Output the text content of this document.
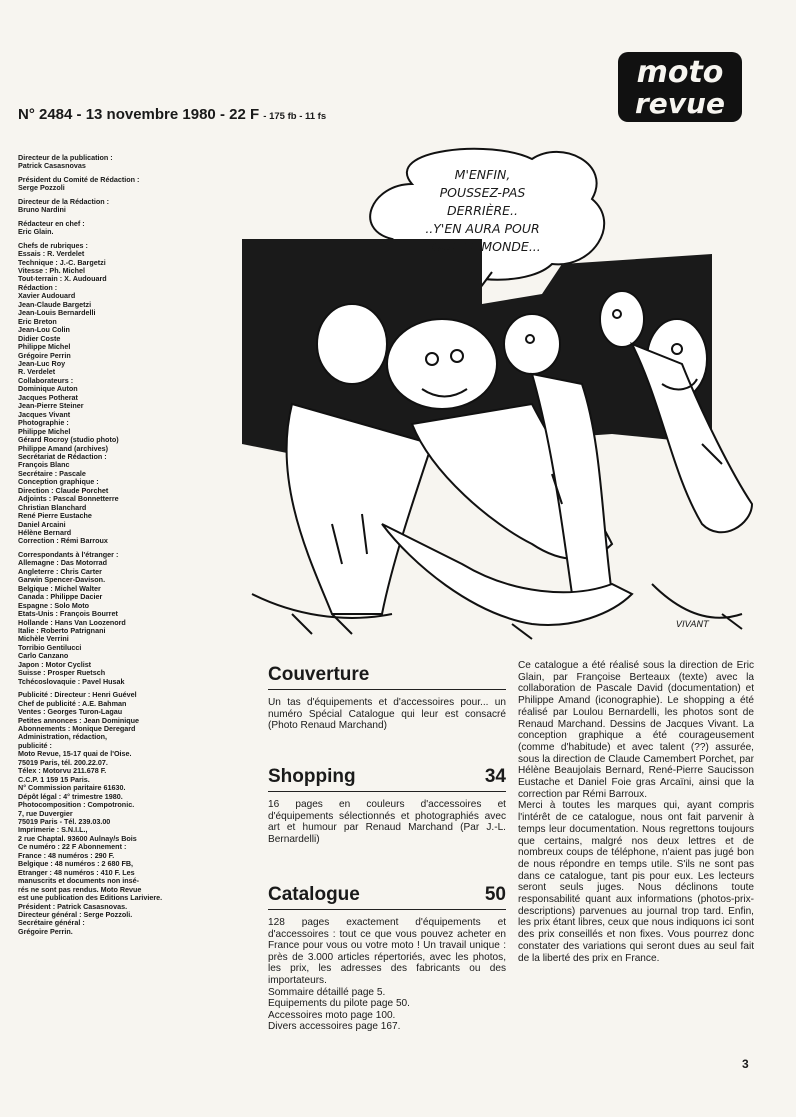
moto
revue
N° 2484 - 13 novembre 1980 - 22 F - 175 fb - 11 fs
Directeur de la publication :
Patrick Casasnovas
Président du Comité de Rédaction :
Serge Pozzoli
Directeur de la Rédaction :
Bruno Nardini
Rédacteur en chef :
Eric Glain.
Chefs de rubriques :
Essais : R. Verdelet
Technique : J.-C. Bargetzi
Vitesse : Ph. Michel
Tout-terrain : X. Audouard
Rédaction :
Xavier Audouard
Jean-Claude Bargetzi
Jean-Louis Bernardelli
Eric Breton
Jean-Lou Colin
Didier Coste
Philippe Michel
Grégoire Perrin
Jean-Luc Roy
R. Verdelet
Collaborateurs :
Dominique Auton
Jacques Potherat
Jean-Pierre Steiner
Jacques Vivant
Photographie :
Philippe Michel
Gérard Rocroy (studio photo)
Philippe Amand (archives)
Secrétariat de Rédaction :
François Blanc
Secrétaire : Pascale
Conception graphique :
Direction : Claude Porchet
Adjoints : Pascal Bonnetterre
Christian Blanchard
René Pierre Eustache
Daniel Arcaini
Hélène Bernard
Correction : Rémi Barroux
Correspondants à l'étranger :
Allemagne : Das Motorrad
Angleterre : Chris Carter
Garwin Spencer-Davison.
Belgique : Michel Walter
Canada : Philippe Dacier
Espagne : Solo Moto
Etats-Unis : François Bourret
Hollande : Hans Van Loozenord
Italie : Roberto Patrignani
Michèle Verrini
Torribio Gentilucci
Carlo Canzano
Japon : Motor Cyclist
Suisse : Prosper Ruetsch
Tchécoslovaquie : Pavel Husak
Publicité : Directeur : Henri Guével
Chef de publicité : A.E. Bahman
Ventes : Georges Turon-Lagau
Petites annonces : Jean Dominique
Abonnements : Monique Deregard
Administration, rédaction,
publicité :
Moto Revue, 15-17 quai de l'Oise.
75019 Paris, tél. 200.22.07.
Télex : Motorvu 211.678 F.
C.C.P. 1 159 15 Paris.
N° Commission paritaire 61630.
Dépôt légal : 4° trimestre 1980.
Photocomposition : Compotronic.
7, rue Duvergier
75019 Paris - Tél. 239.03.00
Imprimerie : S.N.I.L.,
2 rue Chaptal. 93600 Aulnay/s Bois
Ce numéro : 22 F Abonnement :
France : 48 numéros : 290 F.
Belgique : 48 numéros : 2 680 FB,
Etranger : 48 numéros : 410 F. Les
manuscrits et documents non insé-
rés ne sont pas rendus. Moto Revue
est une publication des Editions Lariviere.
Président : Patrick Casasnovas.
Directeur général : Serge Pozzoli.
Secrétaire général :
Grégoire Perrin.
M'ENFIN,
POUSSEZ-PAS
DERRIÈRE..
..Y'EN AURA POUR
TOUT LE MONDE...
VIVANT
Couverture

Un tas d'équipements et d'accessoires pour... un numéro Spécial Catalogue qui leur est consacré (Photo Renaud Marchand)

Shopping	34

16 pages en couleurs d'accessoires et d'équipements sélectionnés et photographiés avec art et humour par Renaud Marchand (Par J.-L. Bernardelli)

Catalogue	50

128 pages exactement d'équipements et d'accessoires : tout ce que vous pouvez acheter en France pour vous ou votre moto ! Un travail unique : près de 3.000 articles répertoriés, avec les photos, les prix, les adresses des fabricants ou des importateurs.

Sommaire détaillé page 5.
Equipements du pilote page 50.
Accessoires moto page 100.
Divers accessoires page 167.

Ce catalogue a été réalisé sous la direction de Eric Glain, par Françoise Berteaux (texte) avec la collaboration de Pascale David (documentation) et Philippe Amand (iconographie). Le shopping a été réalisé par Loulou Bernardelli, les photos sont de Renaud Marchand. Dessins de Jacques Vivant. La conception graphique a été courageusement (comme d'habitude) et avec talent (??) assurée, sous la direction de Claude Camembert Porchet, par Hélène Beaujolais Bernard, René-Pierre Saucisson Eustache et Daniel Foie gras Arcaïni, ainsi que la correction par Rémi Barroux.

Merci à toutes les marques qui, ayant compris l'intérêt de ce catalogue, nous ont fait parvenir à temps leur documentation. Nous regrettons toujours que certains, malgré nos deux lettres et de nombreux coups de téléphone, n'aient pas jugé bon de nous répondre en temps utile. S'ils ne sont pas dans ce catalogue, tant pis pour eux. Les lecteurs seront seuls juges. Nous déclinons toute responsabilité quant aux informations (photos-prix-descriptions) parvenues au journal trop tard. Enfin, les prix étant libres, ceux que nous indiquons ici sont des prix conseillés et non fixes. Vous pourrez donc constater des variations qui seront dues au seul fait de la liberté des prix en France.

3
